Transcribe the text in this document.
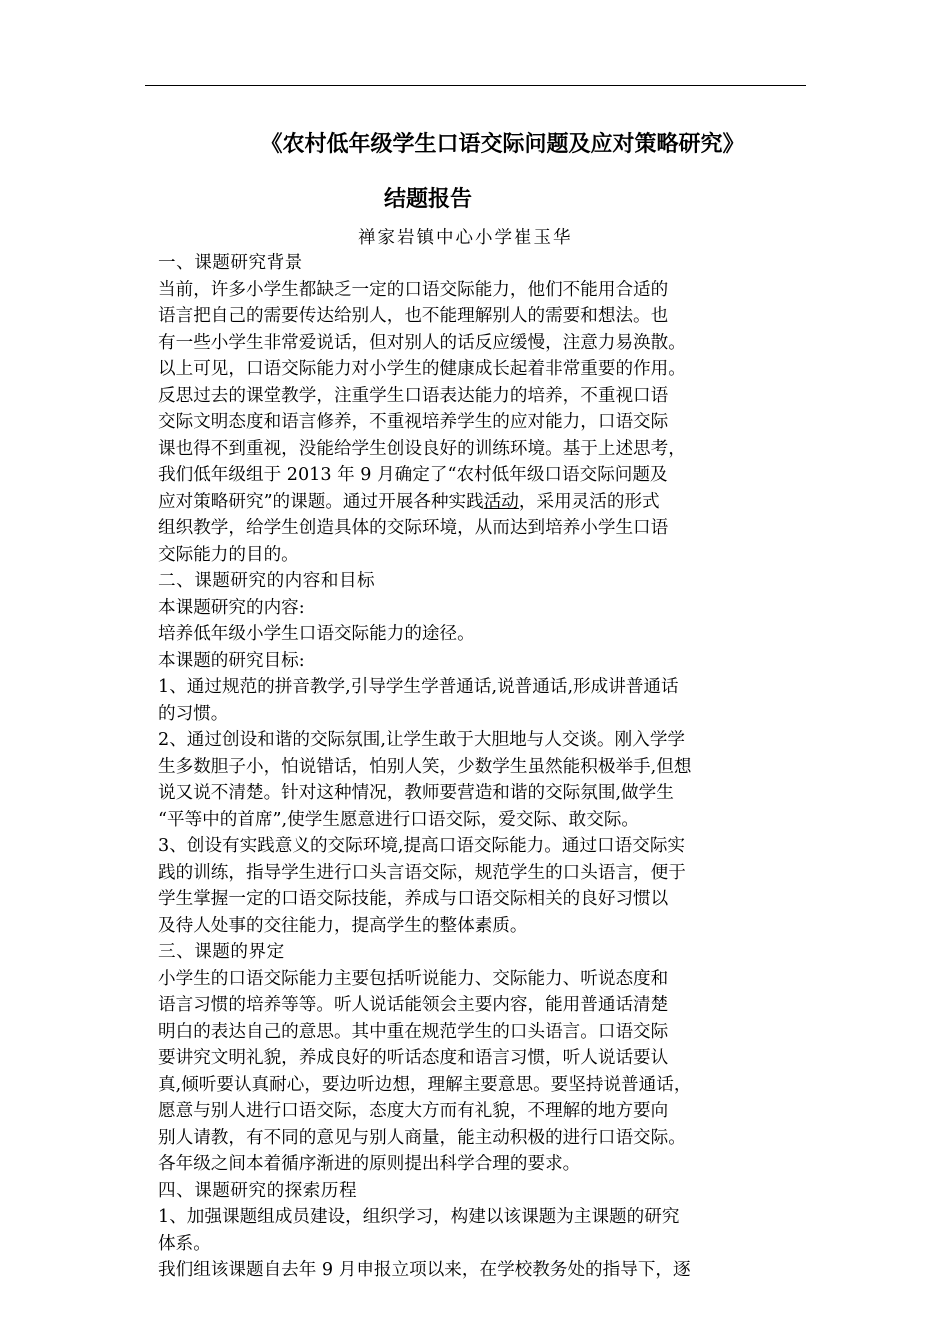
《农村低年级学生口语交际问题及应对策略研究》
结题报告
禅家岩镇中心小学崔玉华
一、课题研究背景
当前，许多小学生都缺乏一定的口语交际能力，他们不能用合适的
语言把自己的需要传达给别人，也不能理解别人的需要和想法。也
有一些小学生非常爱说话，但对别人的话反应缓慢，注意力易涣散。
以上可见，口语交际能力对小学生的健康成长起着非常重要的作用。
反思过去的课堂教学，注重学生口语表达能力的培养，不重视口语
交际文明态度和语言修养，不重视培养学生的应对能力，口语交际
课也得不到重视，没能给学生创设良好的训练环境。基于上述思考，
我们低年级组于 2013 年 9 月确定了“农村低年级口语交际问题及
应对策略研究”的课题。通过开展各种实践活动，采用灵活的形式
组织教学，给学生创造具体的交际环境，从而达到培养小学生口语
交际能力的目的。
二、课题研究的内容和目标
本课题研究的内容:
培养低年级小学生口语交际能力的途径。
本课题的研究目标:
1、通过规范的拼音教学,引导学生学普通话,说普通话,形成讲普通话
的习惯。
2、通过创设和谐的交际氛围,让学生敢于大胆地与人交谈。刚入学学
生多数胆子小，怕说错话，怕别人笑，少数学生虽然能积极举手,但想
说又说不清楚。针对这种情况，教师要营造和谐的交际氛围,做学生
“平等中的首席”,使学生愿意进行口语交际，爱交际、敢交际。
3、创设有实践意义的交际环境,提高口语交际能力。通过口语交际实
践的训练，指导学生进行口头言语交际，规范学生的口头语言，便于
学生掌握一定的口语交际技能，养成与口语交际相关的良好习惯以
及待人处事的交往能力，提高学生的整体素质。
三、课题的界定
小学生的口语交际能力主要包括听说能力、交际能力、听说态度和
语言习惯的培养等等。听人说话能领会主要内容，能用普通话清楚
明白的表达自己的意思。其中重在规范学生的口头语言。口语交际
要讲究文明礼貌，养成良好的听话态度和语言习惯，听人说话要认
真,倾听要认真耐心，要边听边想，理解主要意思。要坚持说普通话，
愿意与别人进行口语交际，态度大方而有礼貌，不理解的地方要向
别人请教，有不同的意见与别人商量，能主动积极的进行口语交际。
各年级之间本着循序渐进的原则提出科学合理的要求。
四、课题研究的探索历程
1、加强课题组成员建设，组织学习，构建以该课题为主课题的研究
体系。
我们组该课题自去年 9 月申报立项以来，在学校教务处的指导下，逐
